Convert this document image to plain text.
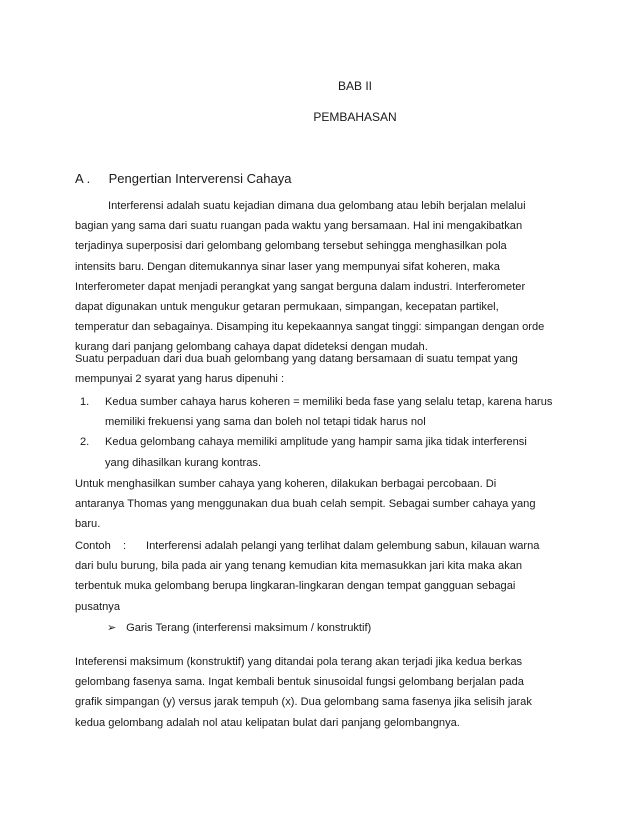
BAB II
PEMBAHASAN
A . Pengertian Interverensi Cahaya

Interferensi adalah suatu kejadian dimana dua gelombang atau lebih berjalan melalui
bagian yang sama dari suatu ruangan pada waktu yang bersamaan. Hal ini mengakibatkan
terjadinya superposisi dari gelombang gelombang tersebut sehingga menghasilkan pola
intensits baru. Dengan ditemukannya sinar laser yang mempunyai sifat koheren, maka
Interferometer dapat menjadi perangkat yang sangat berguna dalam industri. Interferometer
dapat digunakan untuk mengukur getaran permukaan, simpangan, kecepatan partikel,
temperatur dan sebagainya. Disamping itu kepekaannya sangat tinggi: simpangan dengan orde
kurang dari panjang gelombang cahaya dapat dideteksi dengan mudah.

Suatu perpaduan dari dua buah gelombang yang datang bersamaan di suatu tempat yang
mempunyai 2 syarat yang harus dipenuhi :

1. Kedua sumber cahaya harus koheren = memiliki beda fase yang selalu tetap, karena harus
memiliki frekuensi yang sama dan boleh nol tetapi tidak harus nol
2. Kedua gelombang cahaya memiliki amplitude yang hampir sama jika tidak interferensi
yang dihasilkan kurang kontras.

Untuk menghasilkan sumber cahaya yang koheren, dilakukan berbagai percobaan. Di
antaranya Thomas yang menggunakan dua buah celah sempit. Sebagai sumber cahaya yang
baru.

Contoh : Interferensi adalah pelangi yang terlihat dalam gelembung sabun, kilauan warna
dari bulu burung, bila pada air yang tenang kemudian kita memasukkan jari kita maka akan
terbentuk muka gelombang berupa lingkaran-lingkaran dengan tempat gangguan sebagai
pusatnya
➢ Garis Terang (interferensi maksimum / konstruktif)

Inteferensi maksimum (konstruktif) yang ditandai pola terang akan terjadi jika kedua berkas
gelombang fasenya sama. Ingat kembali bentuk sinusoidal fungsi gelombang berjalan pada
grafik simpangan (y) versus jarak tempuh (x). Dua gelombang sama fasenya jika selisih jarak
kedua gelombang adalah nol atau kelipatan bulat dari panjang gelombangnya.
